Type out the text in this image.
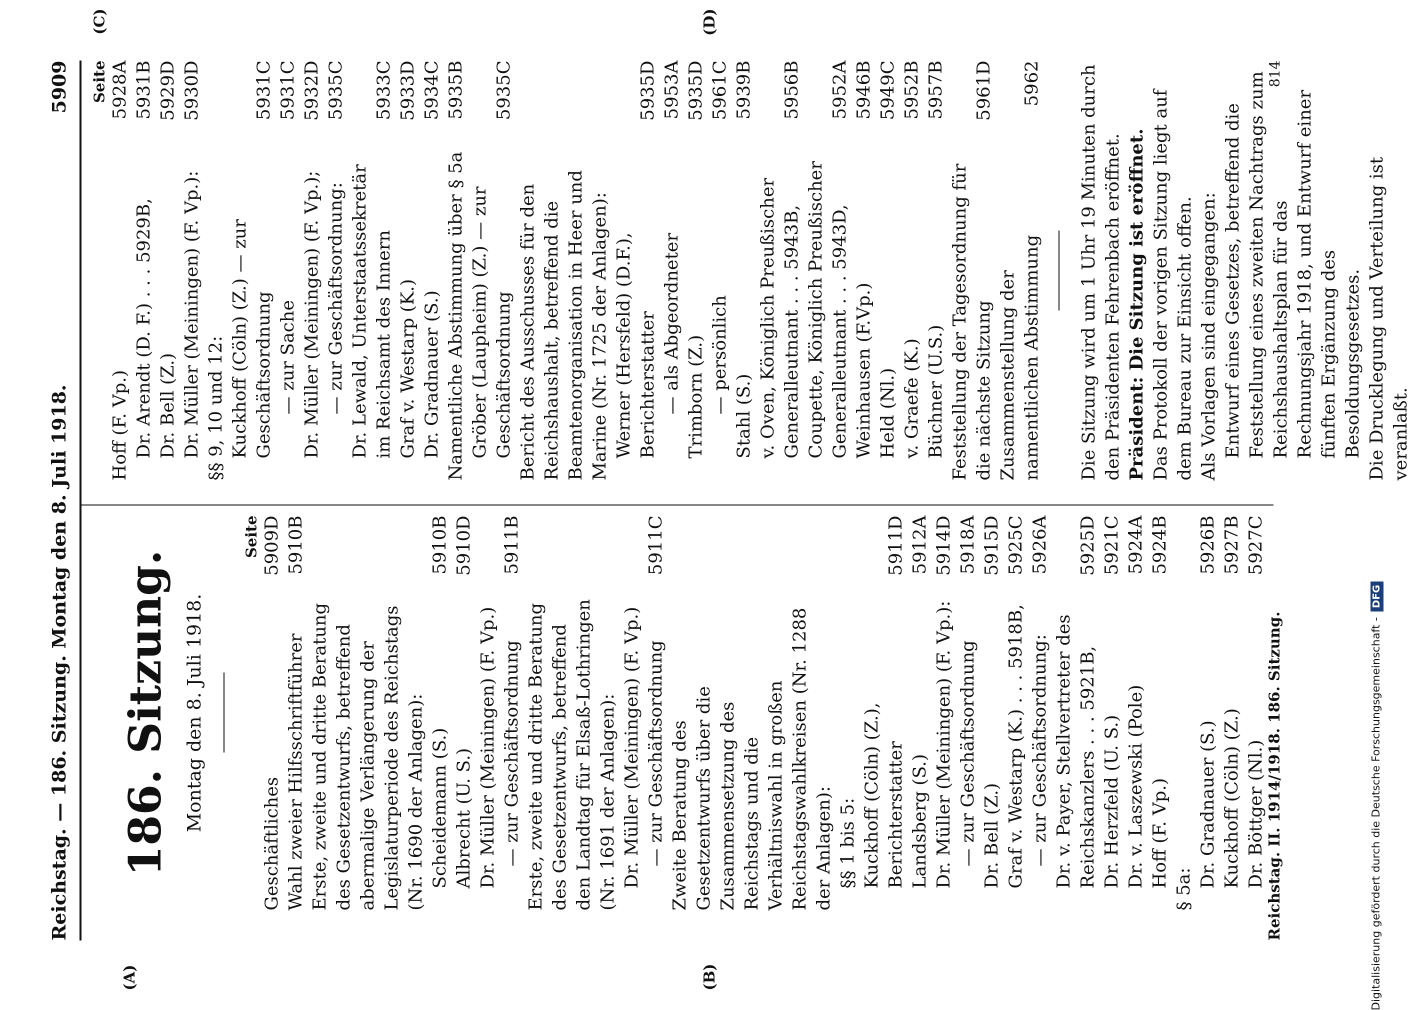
Reichstag. — 186. Sitzung. Montag den 8. Juli 1918.
5909
(A)	(B)
(C)	(D)
186. Sitzung. Montag den 8. Juli 1918.
Seite
Geschäftliches
5909D
Wahl zweier Hilfsschriftführer
5910B
Erste, zweite und dritte Beratung des Gesetzentwurfs, betreffend abermalige Verlängerung der Legislaturperiode des Reichstags (Nr. 1690 der Anlagen): Scheidemann (S.)
5910B
Albrecht (U. S.)
5910D
Dr. Müller (Meiningen) (F. Vp.) — zur Geschäftsordnung
5911B
Erste, zweite und dritte Beratung des Gesetzentwurfs, betreffend den Landtag für Elsaß-Lothringen (Nr. 1691 der Anlagen): Dr. Müller (Meiningen) (F. Vp.) — zur Geschäftsordnung
5911C
Zweite Beratung des Gesetzentwurfs über die Zusammensetzung des Reichstags und die Verhältniswahl in großen Reichstagswahlkreisen (Nr. 1288 der Anlagen): §§ 1 bis 5: Kuckhoff (Cöln) (Z.), Berichterstatter
5911D
Landsberg (S.)
5912A
Dr. Müller (Meiningen) (F. Vp.):
5914D
— zur Geschäftsordnung
5918A
Dr. Bell (Z.)
5915D
Graf v. Westarp (K.) . . . 5918B,
5925C
— zur Geschäftsordnung:
5926A
Dr. v. Payer, Stellvertreter des Reichskanzlers . . . 5921B,
5925D
Dr. Herzfeld (U. S.)
5921C
Dr. v. Laszewski (Pole)
5924A
Hoff (F. Vp.)
5924B
§ 5a:
Dr. Gradnauer (S.)
5926B
Kuckhoff (Cöln) (Z.)
5927B
Dr. Böttger (Nl.)
5927C
Seite
Hoff (F. Vp.)
5928A
Dr. Arendt (D. F.) . . . 5929B,
5931B
Dr. Bell (Z.)
5929D
Dr. Müller (Meiningen) (F. Vp.):
5930D
§§ 9, 10 und 12: Kuckhoff (Cöln) (Z.) — zur Geschäftsordnung
5931C
— zur Sache
5931C
Dr. Müller (Meiningen) (F. Vp.);
5932D
— zur Geschäftsordnung:
5935C
Dr. Lewald, Unterstaatssekretär im Reichsamt des Innern
5933C
Graf v. Westarp (K.)
5933D
Dr. Gradnauer (S.)
5934C
Namentliche Abstimmung über § 5a
5935B
Gröber (Laupheim) (Z.) — zur Geschäftsordnung
5935C
Bericht des Ausschusses für den Reichshaushalt, betreffend die Beamtenorganisation in Heer und Marine (Nr. 1725 der Anlagen): Werner (Hersfeld) (D.F.), Berichterstatter
5935D
— als Abgeordneter
5953A
Trimborn (Z.)
5935D
— persönlich
5961C
Stahl (S.)
5939B
v. Oven, Königlich Preußischer Generalleutnant . . . 5943B,
5956B
Coupette, Königlich Preußischer Generalleutnant . . . 5943D,
5952A
Weinhausen (F.Vp.)
5946B
Held (Nl.)
5949C
v. Graefe (K.)
5952B
Büchner (U.S.)
5957B
Feststellung der Tagesordnung für die nächste Sitzung
5961D
Zusammenstellung der namentlichen Abstimmung
5962 Die Sitzung wird um 1 Uhr 19 Minuten durch den Präsidenten Fehrenbach eröffnet. Präsident: Die Sitzung ist eröffnet. Das Protokoll der vorigen Sitzung liegt auf dem Bureau zur Einsicht offen. Als Vorlagen sind eingegangen: Entwurf eines Gesetzes, betreffend die Feststellung eines zweiten Nachtrags zum Reichshaushaltsplan für das Rechnungsjahr 1918, und Entwurf einer fünften Ergänzung des Besoldungsgesetzes. Die Drucklegung und Verteilung ist veranlaßt.
Reichstag. II. 1914/1918. 186. Sitzung.
814
Digitalisierung gefördert durch die Deutsche Forschungsgemeinschaft -DFG
